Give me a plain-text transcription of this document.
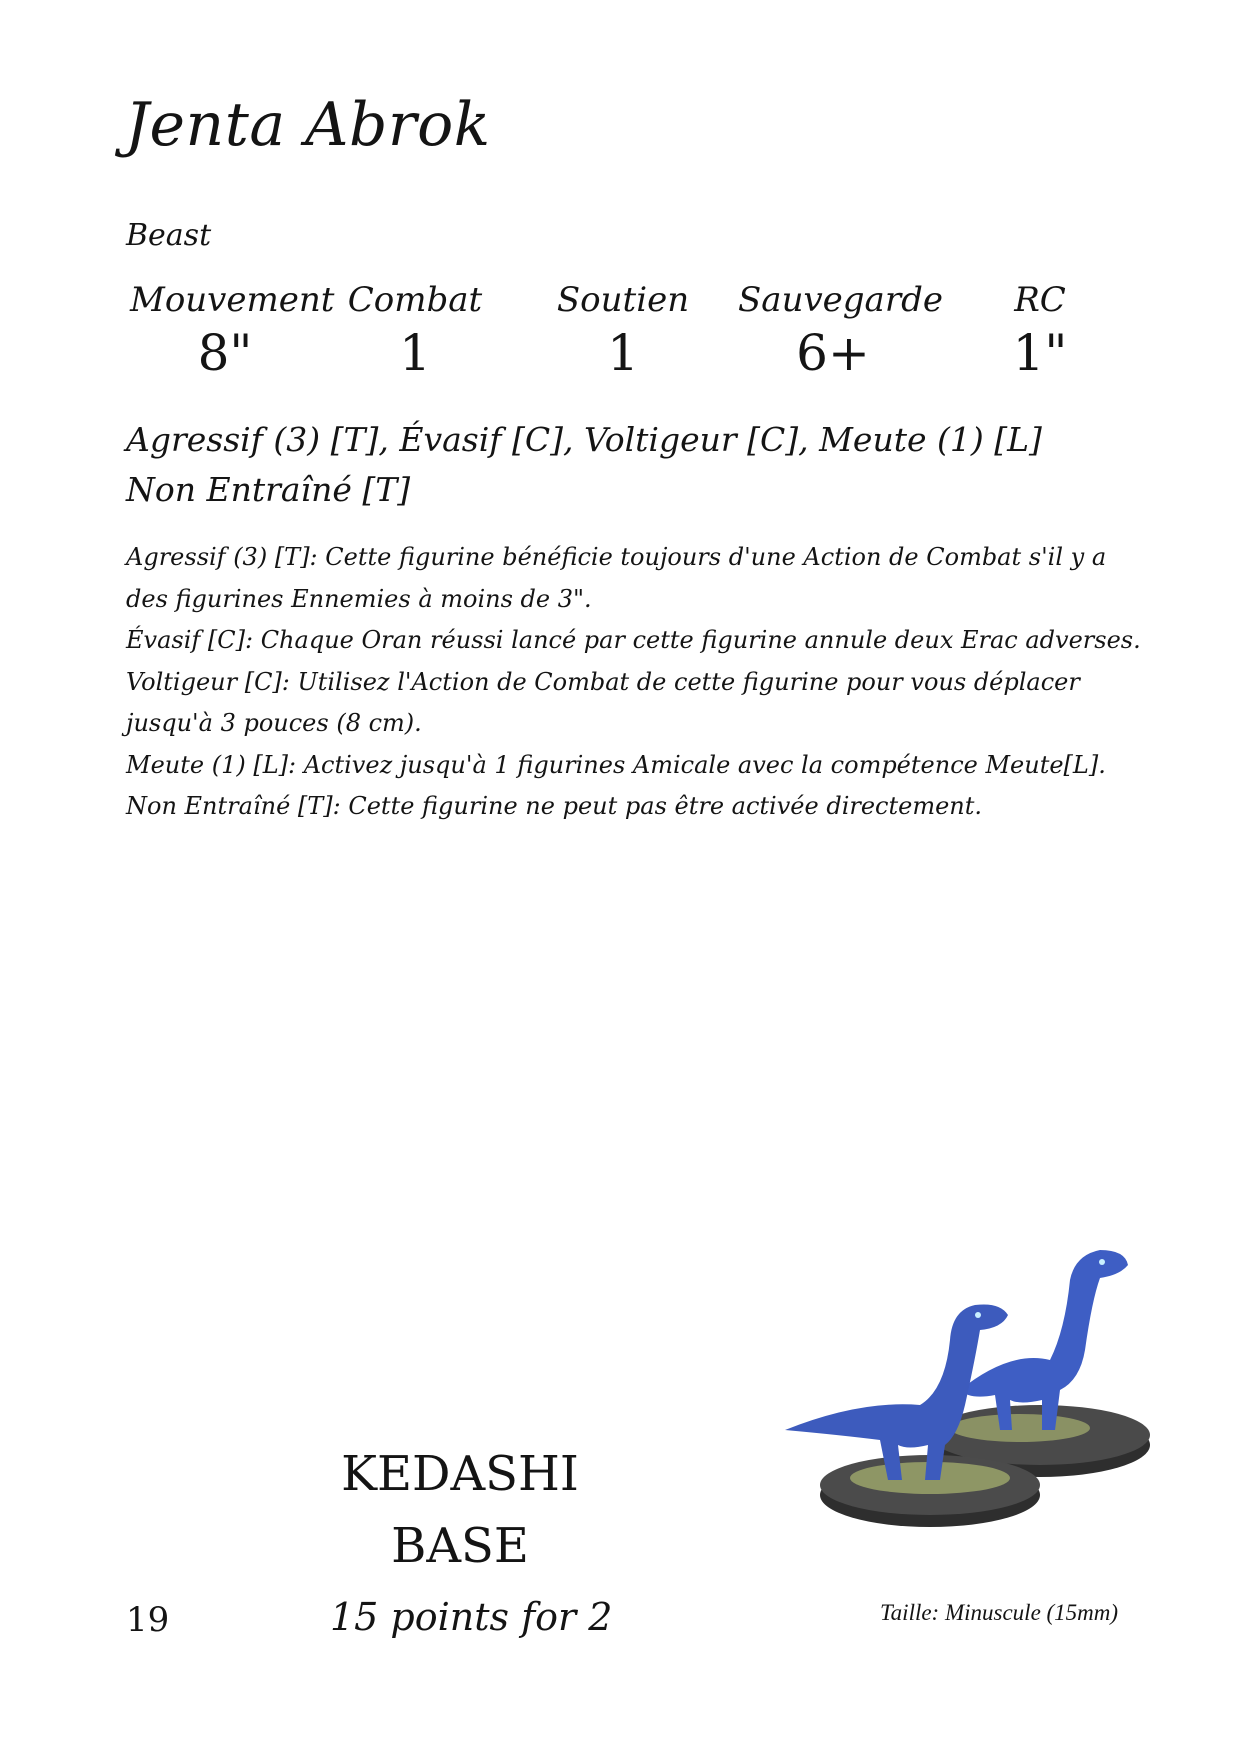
Jenta Abrok
Beast
Mouvement
8"
Combat
1
Soutien
1
Sauvegarde
6+
RC
1"
Agressif (3) [T], Évasif [C], Voltigeur [C], Meute (1) [L]
Non Entraîné [T]
Agressif (3) [T]: Cette figurine bénéficie toujours d'une Action de Combat s'il y a
des figurines Ennemies à moins de 3".
Évasif [C]: Chaque Oran réussi lancé par cette figurine annule deux Erac adverses.
Voltigeur [C]: Utilisez l'Action de Combat de cette figurine pour vous déplacer
jusqu'à 3 pouces (8 cm).
Meute (1) [L]: Activez jusqu'à 1 figurines Amicale avec la compétence Meute[L].
Non Entraîné [T]: Cette figurine ne peut pas être activée directement.
KEDASHI
BASE
19	15 points for 2	Taille: Minuscule (15mm)
